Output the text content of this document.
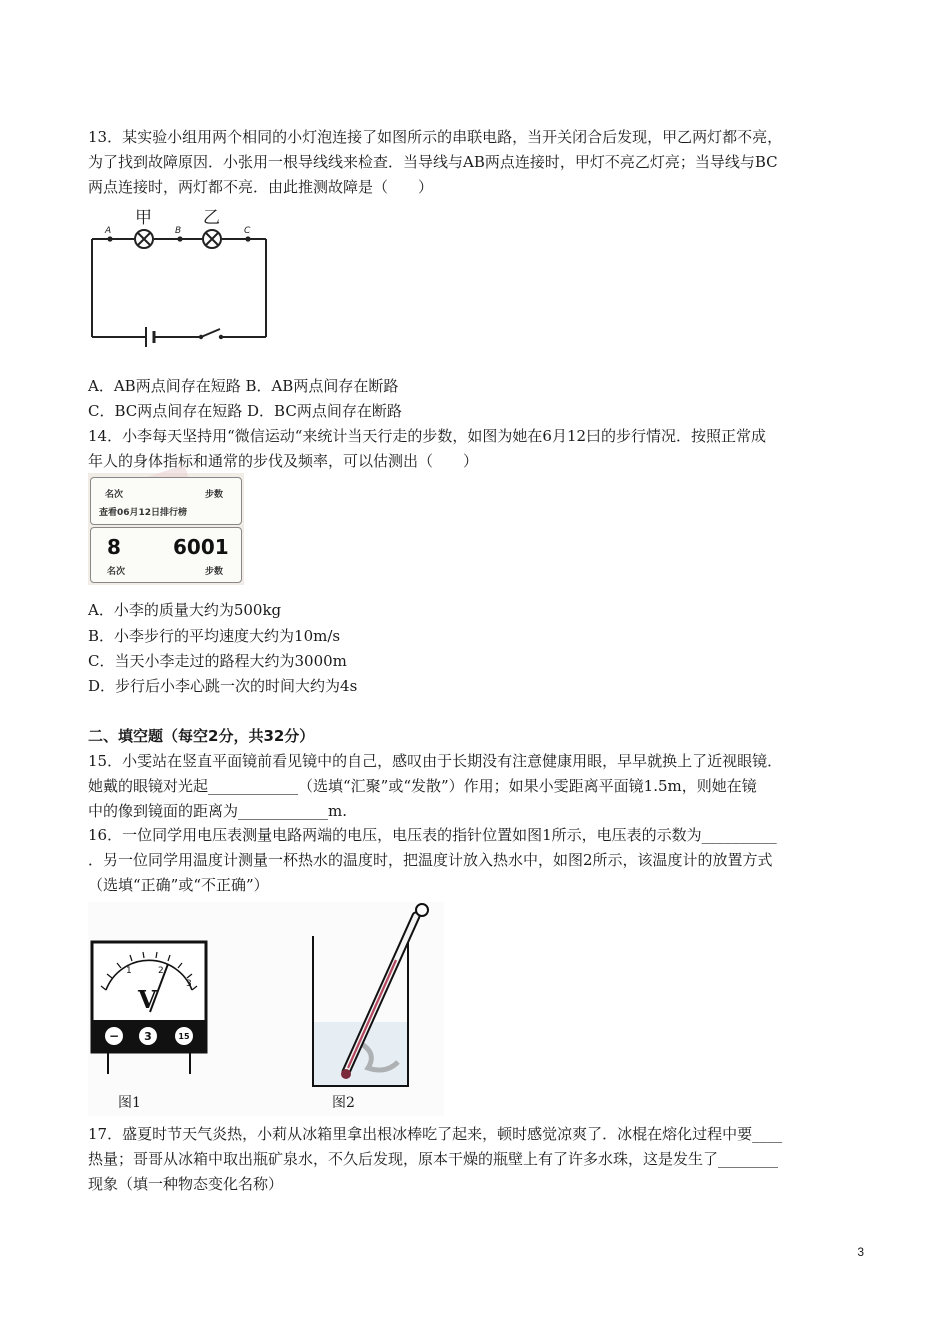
13．某实验小组用两个相同的小灯泡连接了如图所示的串联电路，当开关闭合后发现，甲乙两灯都不亮，
为了找到故障原因．小张用一根导线线来检查．当导线与AB两点连接时，甲灯不亮乙灯亮；当导线与BC
两点连接时，两灯都不亮．由此推测故障是（　　）
甲	乙
A	B	C
A．AB两点间存在短路 B．AB两点间存在断路
C．BC两点间存在短路 D．BC两点间存在断路
14．小李每天坚持用“微信运动“来统计当天行走的步数，如图为她在6月12曰的步行情况．按照正常成
年人的身体指标和通常的步伐及频率，可以估测出（　　）
名次	步数
查看06月12日排行榜
8	6001
名次	步数
A．小李的质量大约为500kg
B．小李步行的平均速度大约为10m/s
C．当天小李走过的路程大约为3000m
D．步行后小李心跳一次的时间大约为4s
二、填空题（每空2分，共32分）
15．小雯站在竖直平面镜前看见镜中的自己，感叹由于长期没有注意健康用眼，早早就换上了近视眼镜．
她戴的眼镜对光起____________（选填“汇聚”或“发散”）作用；如果小雯距离平面镜1.5m，则她在镜
中的像到镜面的距离为____________m.
16．一位同学用电压表测量电路两端的电压，电压表的指针位置如图1所示，电压表的示数为__________
．另一位同学用温度计测量一杯热水的温度时，把温度计放入热水中，如图2所示，该温度计的放置方式
（选填“正确”或“不正确”）
1	2
3
V
− 3	15
图1	图2
17．盛夏时节天气炎热，小莉从冰箱里拿出根冰棒吃了起来，顿时感觉凉爽了．冰棍在熔化过程中要____
热量；哥哥从冰箱中取出瓶矿泉水，不久后发现，原本干燥的瓶壁上有了许多水珠，这是发生了________
现象（填一种物态变化名称）
3
